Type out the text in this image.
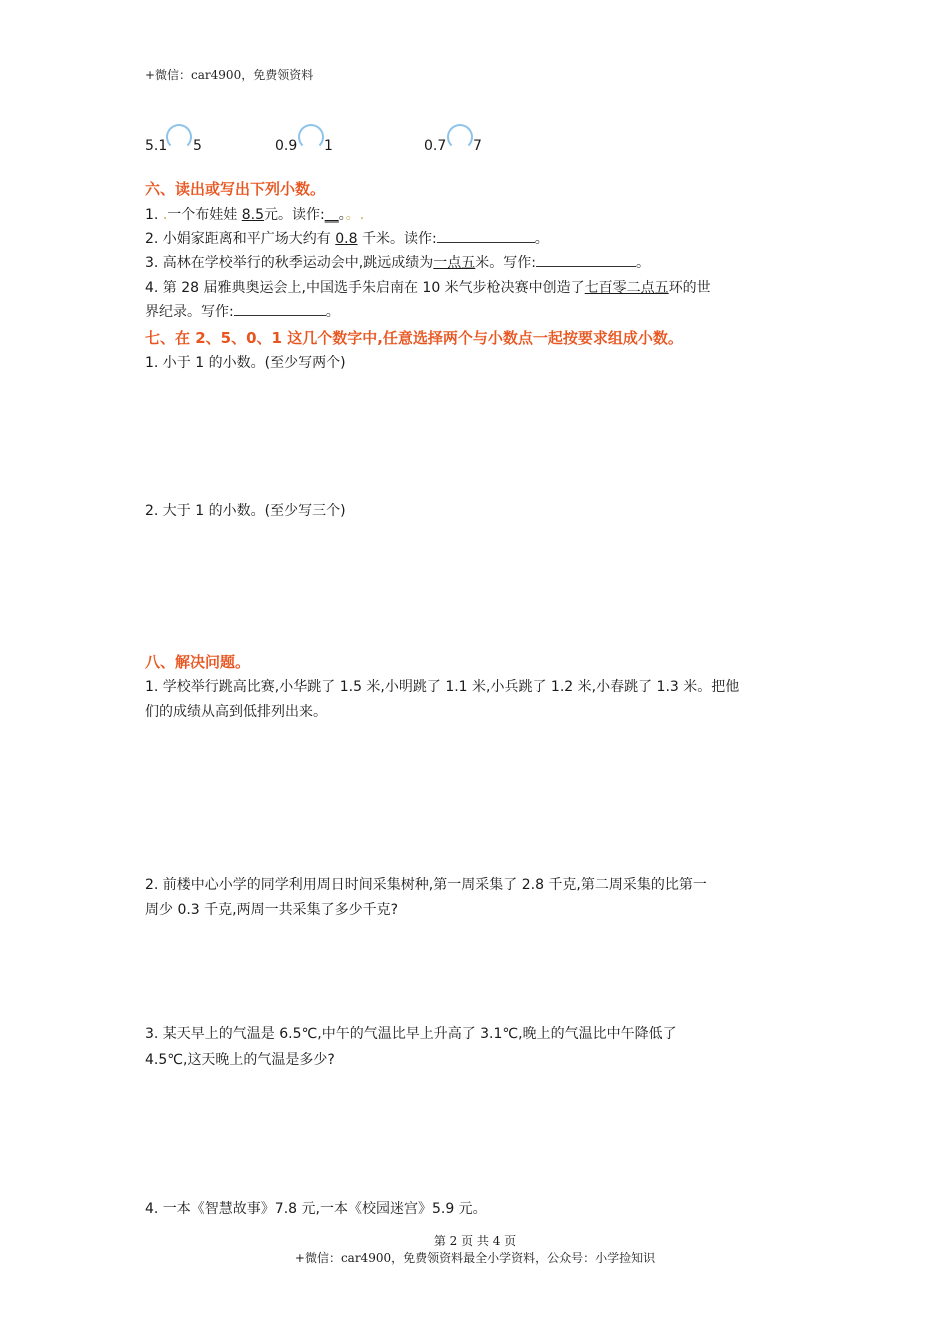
+微信：car4900，免费领资料
5.1 5	0.9 1	0.7 7
六、读出或写出下列小数。
1. .一个布娃娃 8.5元。读作:__。。.
2. 小娟家距离和平广场大约有 0.8 千米。读作:	。
3. 高林在学校举行的秋季运动会中,跳远成绩为一点五米。写作:	。
4. 第 28 届雅典奥运会上,中国选手朱启南在 10 米气步枪决赛中创造了七百零二点五环的世
界纪录。写作:	。
七、在 2、5、0、1 这几个数字中,任意选择两个与小数点一起按要求组成小数。
1. 小于 1 的小数。(至少写两个)
2. 大于 1 的小数。(至少写三个)
八、解决问题。
1. 学校举行跳高比赛,小华跳了 1.5 米,小明跳了 1.1 米,小兵跳了 1.2 米,小春跳了 1.3 米。把他
们的成绩从高到低排列出来。
2. 前楼中心小学的同学利用周日时间采集树种,第一周采集了 2.8 千克,第二周采集的比第一
周少 0.3 千克,两周一共采集了多少千克?
3. 某天早上的气温是 6.5℃,中午的气温比早上升高了 3.1℃,晚上的气温比中午降低了
4.5℃,这天晚上的气温是多少?
4. 一本《智慧故事》7.8 元,一本《校园迷宫》5.9 元。
第 2 页 共 4 页
+微信：car4900，免费领资料最全小学资料，公众号：小学捡知识
